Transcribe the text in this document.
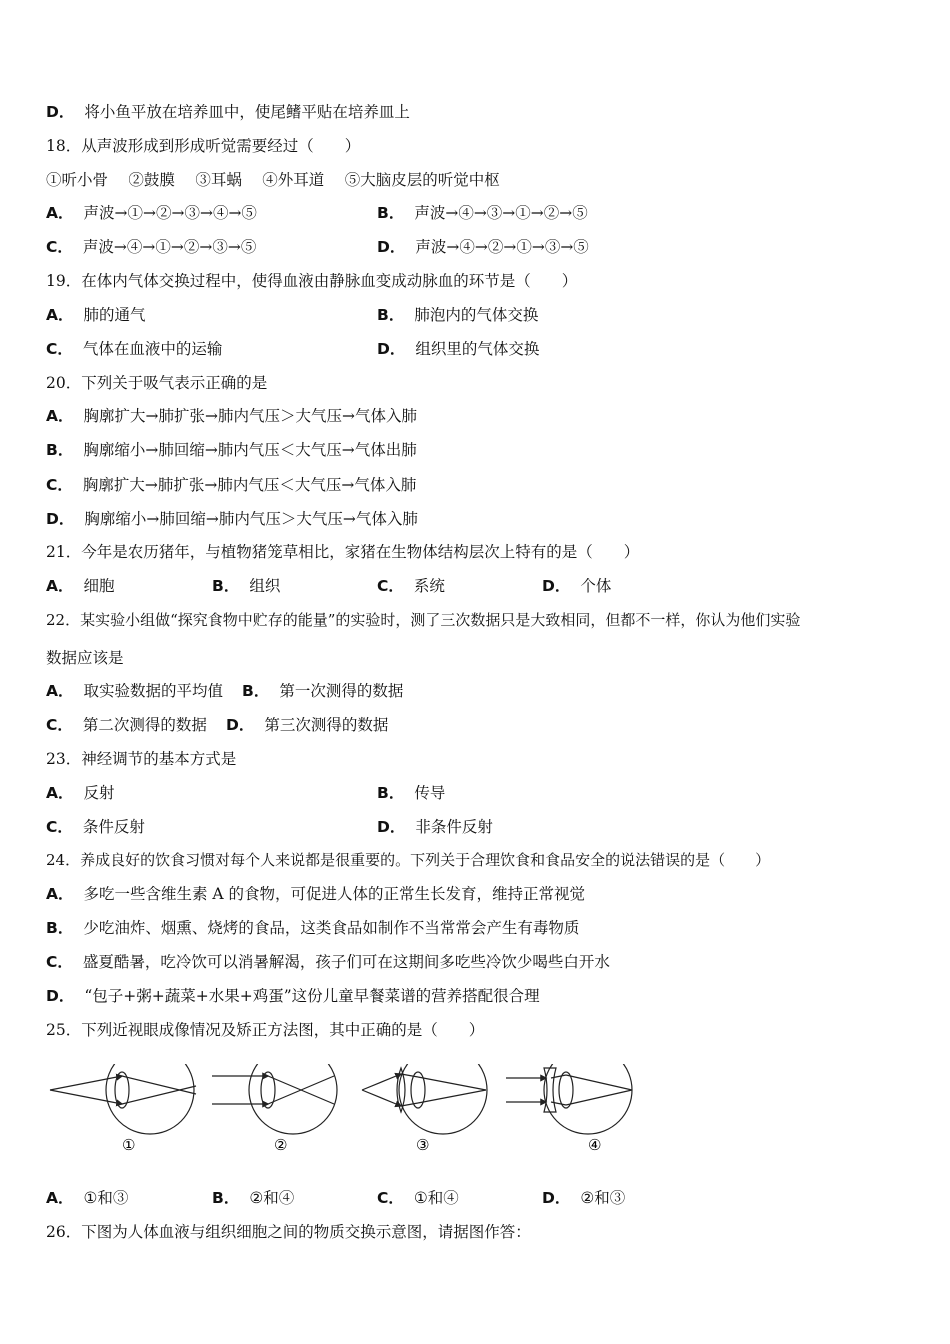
D． 将小鱼平放在培养皿中，使尾鳍平贴在培养皿上
18．从声波形成到形成听觉需要经过（　　）
①听小骨　 ②鼓膜　 ③耳蜗　 ④外耳道　 ⑤大脑皮层的听觉中枢
A． 声波→①→②→③→④→⑤	B． 声波→④→③→①→②→⑤
C． 声波→④→①→②→③→⑤	D． 声波→④→②→①→③→⑤
19．在体内气体交换过程中，使得血液由静脉血变成动脉血的环节是（　　）
A． 肺的通气	B． 肺泡内的气体交换
C． 气体在血液中的运输	D． 组织里的气体交换
20．下列关于吸气表示正确的是
A． 胸廓扩大→肺扩张→肺内气压＞大气压→气体入肺
B． 胸廓缩小→肺回缩→肺内气压＜大气压→气体出肺
C． 胸廓扩大→肺扩张→肺内气压＜大气压→气体入肺
D． 胸廓缩小→肺回缩→肺内气压＞大气压→气体入肺
21．今年是农历猪年，与植物猪笼草相比，家猪在生物体结构层次上特有的是（　　）
A． 细胞	B． 组织	C． 系统	D． 个体
22．某实验小组做“探究食物中贮存的能量”的实验时，测了三次数据只是大致相同，但都不一样，你认为他们实验
数据应该是
A． 取实验数据的平均值 B． 第一次测得的数据
C． 第二次测得的数据 D． 第三次测得的数据
23．神经调节的基本方式是
A． 反射	B． 传导
C． 条件反射	D． 非条件反射
24．养成良好的饮食习惯对每个人来说都是很重要的。下列关于合理饮食和食品安全的说法错误的是（　　）
A． 多吃一些含维生素 A 的食物，可促进人体的正常生长发育，维持正常视觉
B． 少吃油炸、烟熏、烧烤的食品，这类食品如制作不当常常会产生有毒物质
C． 盛夏酷暑，吃冷饮可以消暑解渴，孩子们可在这期间多吃些冷饮少喝些白开水
D． “包子+粥+蔬菜+水果+鸡蛋”这份儿童早餐菜谱的营养搭配很合理
25．下列近视眼成像情况及矫正方法图，其中正确的是（　　）
①	②	③	④
A． ①和③	B． ②和④	C． ①和④	D． ②和③
26．下图为人体血液与组织细胞之间的物质交换示意图，请据图作答：
